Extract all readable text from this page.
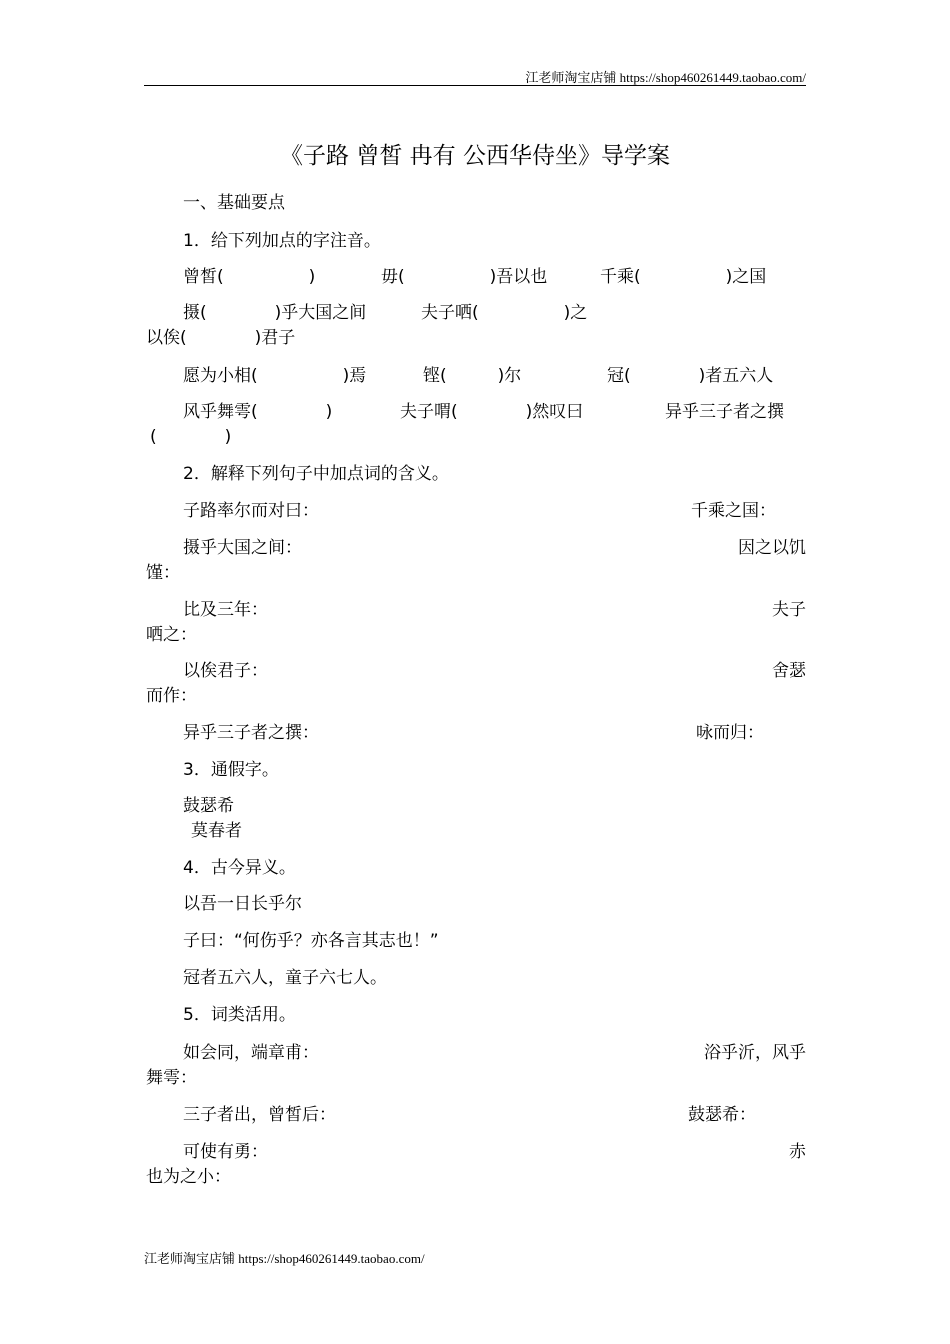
江老师淘宝店铺 https://shop460261449.taobao.com/
《子路 曾皙 冉有 公西华侍坐》导学案
一、基础要点
1．给下列加点的字注音。
曾皙(　　　　　)	毋(　　　　　)吾以也	千乘(　　　　　)之国
摄(　　　　)乎大国之间	夫子哂(　　　　　)之
以俟(　　　　)君子
愿为小相(　　　　　)焉	铿(　　　)尔	冠(　　　　)者五六人
风乎舞雩(　　　　)	夫子喟(　　　　)然叹曰	异乎三子者之撰
(　　　　)
2．解释下列句子中加点词的含义。
子路率尔而对曰：	千乘之国：
摄乎大国之间：	因之以饥
馑：
比及三年：	夫子
哂之：
以俟君子：	舍瑟
而作：
异乎三子者之撰：	咏而归：
3．通假字。
鼓瑟希
莫春者
4．古今异义。
以吾一日长乎尔
子曰：“何伤乎？亦各言其志也！”
冠者五六人，童子六七人。
5．词类活用。
如会同，端章甫：	浴乎沂，风乎
舞雩：
三子者出，曾皙后：	鼓瑟希：
可使有勇：	赤
也为之小：
江老师淘宝店铺 https://shop460261449.taobao.com/
